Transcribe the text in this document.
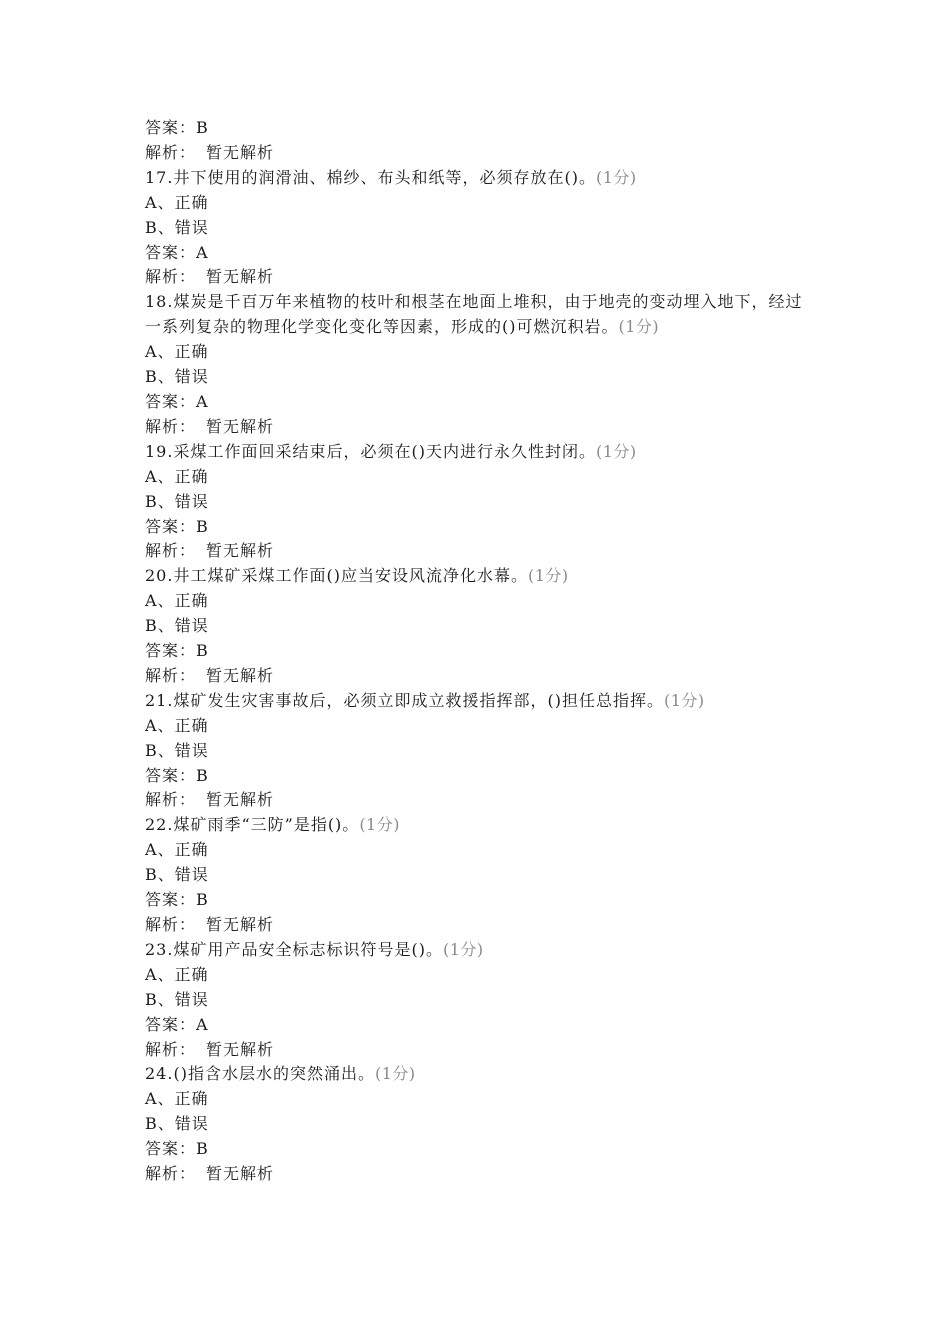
答案：B
解析： 暂无解析
17.井下使用的润滑油、棉纱、布头和纸等，必须存放在()。(1分)
A、正确
B、错误
答案：A
解析： 暂无解析
18.煤炭是千百万年来植物的枝叶和根茎在地面上堆积，由于地壳的变动埋入地下，经过一系列复杂的物理化学变化变化等因素，形成的()可燃沉积岩。(1分)
A、正确
B、错误
答案：A
解析： 暂无解析
19.采煤工作面回采结束后，必须在()天内进行永久性封闭。(1分)
A、正确
B、错误
答案：B
解析： 暂无解析
20.井工煤矿采煤工作面()应当安设风流净化水幕。(1分)
A、正确
B、错误
答案：B
解析： 暂无解析
21.煤矿发生灾害事故后，必须立即成立救援指挥部，()担任总指挥。(1分)
A、正确
B、错误
答案：B
解析： 暂无解析
22.煤矿雨季“三防”是指()。(1分)
A、正确
B、错误
答案：B
解析： 暂无解析
23.煤矿用产品安全标志标识符号是()。(1分)
A、正确
B、错误
答案：A
解析： 暂无解析
24.()指含水层水的突然涌出。(1分)
A、正确
B、错误
答案：B
解析： 暂无解析
